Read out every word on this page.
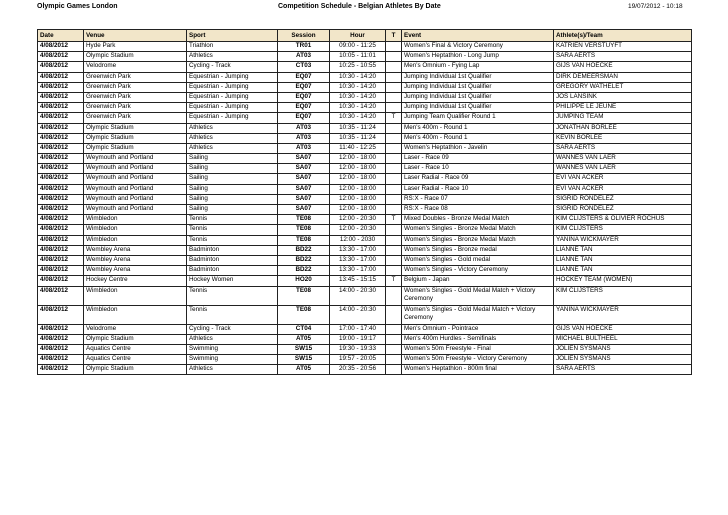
Olympic Games London	Competition Schedule - Belgian Athletes By Date	19/07/2012 - 10:18
Date	Venue	Sport	Session	Hour	T	Event	Athlete(s)/Team
4/08/2012	Hyde Park	Triathlon	TR01	09:00 - 11:25		Women's Final & Victory Ceremony	KATRIEN VERSTUYFT
4/08/2012	Olympic Stadium	Athletics	AT03	10:05 - 11:01		Women's Heptathlon - Long Jump	SARA AERTS
4/08/2012	Velodrome	Cycling - Track	CT03	10:25 - 10:55		Men's Omnium - Fying Lap	GIJS VAN HOECKE
4/08/2012	Greenwich Park	Equestrian - Jumping	EQ07	10:30 - 14:20		Jumping Individual 1st Qualifier	DIRK DEMEERSMAN
4/08/2012	Greenwich Park	Equestrian - Jumping	EQ07	10:30 - 14:20		Jumping Individual 1st Qualifier	GREGORY WATHELET
4/08/2012	Greenwich Park	Equestrian - Jumping	EQ07	10:30 - 14:20		Jumping Individual 1st Qualifier	JOS LANSINK
4/08/2012	Greenwich Park	Equestrian - Jumping	EQ07	10:30 - 14:20		Jumping Individual 1st Qualifier	PHILIPPE LE JEUNE
4/08/2012	Greenwich Park	Equestrian - Jumping	EQ07	10:30 - 14:20	T	Jumping Team Qualifier Round 1	JUMPING TEAM
4/08/2012	Olympic Stadium	Athletics	AT03	10:35 - 11:24		Men's 400m - Round 1	JONATHAN BORLÉE
4/08/2012	Olympic Stadium	Athletics	AT03	10:35 - 11:24		Men's 400m - Round 1	KEVIN BORLÉE
4/08/2012	Olympic Stadium	Athletics	AT03	11:40 - 12:25		Women's Heptathlon - Javelin	SARA AERTS
4/08/2012	Weymouth and Portland	Sailing	SA07	12:00 - 18:00		Laser - Race 09	WANNES VAN LAER
4/08/2012	Weymouth and Portland	Sailing	SA07	12:00 - 18:00		Laser - Race 10	WANNES VAN LAER
4/08/2012	Weymouth and Portland	Sailing	SA07	12:00 - 18:00		Laser Radial - Race 09	EVI VAN ACKER
4/08/2012	Weymouth and Portland	Sailing	SA07	12:00 - 18:00		Laser Radial - Race 10	EVI VAN ACKER
4/08/2012	Weymouth and Portland	Sailing	SA07	12:00 - 18:00		RS:X - Race 07	SIGRID RONDELEZ
4/08/2012	Weymouth and Portland	Sailing	SA07	12:00 - 18:00		RS:X - Race 08	SIGRID RONDELEZ
4/08/2012	Wimbledon	Tennis	TE08	12:00 - 20:30	T	Mixed Doubles - Bronze Medal Match	KIM CLIJSTERS & OLIVIER ROCHUS
4/08/2012	Wimbledon	Tennis	TE08	12:00 - 20:30		Women's Singles - Bronze Medal Match	KIM CLIJSTERS
4/08/2012	Wimbledon	Tennis	TE08	12:00 - 2030		Women's Singles - Bronze Medal Match	YANINA WICKMAYER
4/08/2012	Wembley Arena	Badminton	BD22	13:30 - 17:00		Women's Singles - Bronze medal	LIANNE TAN
4/08/2012	Wembley Arena	Badminton	BD22	13:30 - 17:00		Women's Singles - Gold medal	LIANNE TAN
4/08/2012	Wembley Arena	Badminton	BD22	13:30 - 17:00		Women's Singles - Victory Ceremony	LIANNE TAN
4/08/2012	Hockey Centre	Hockey Women	HO20	13:45 - 15:15	T	Belgium - Japan	HOCKEY TEAM (WOMEN)
4/08/2012	Wimbledon	Tennis	TE08	14:00 - 20:30		Women's Singles - Gold Medal Match + Victory Ceremony	KIM CLIJSTERS
4/08/2012	Wimbledon	Tennis	TE08	14:00 - 20:30		Women's Singles - Gold Medal Match + Victory Ceremony	YANINA WICKMAYER
4/08/2012	Velodrome	Cycling - Track	CT04	17:00 - 17:40		Men's Omnium - Pointrace	GIJS VAN HOECKE
4/08/2012	Olympic Stadium	Athletics	AT05	19:00 - 19:17		Men's 400m Hurdles - Semifinals	MICHAEL BULTHEEL
4/08/2012	Aquatics Centre	Swimming	SW15	19:30 - 19:33		Women's 50m Freestyle - Final	JOLIEN SYSMANS
4/08/2012	Aquatics Centre	Swimming	SW15	19:57 - 20:05		Women's 50m Freestyle - Victory Ceremony	JOLIEN SYSMANS
4/08/2012	Olympic Stadium	Athletics	AT05	20:35 - 20:56		Women's Heptathlon - 800m final	SARA AERTS
